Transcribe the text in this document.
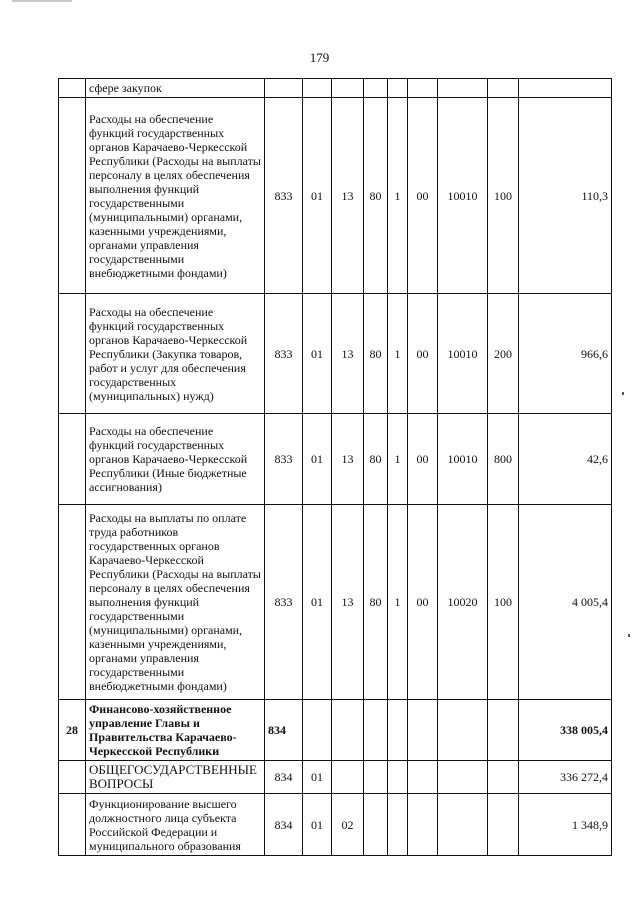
179
	сфере закупок									
	Расходы на обеспечение функций государственных органов Карачаево-Черкесской Республики (Расходы на выплаты персоналу в целях обеспечения выполнения функций государственными (муниципальными) органами, казенными учреждениями, органами управления государственными внебюджетными фондами)	833	01	13	80	1	00	10010	100	110,3
	Расходы на обеспечение функций государственных органов Карачаево-Черкесской Республики (Закупка товаров, работ и услуг для обеспечения государственных (муниципальных) нужд)	833	01	13	80	1	00	10010	200	966,6
	Расходы на обеспечение функций государственных органов Карачаево-Черкесской Республики (Иные бюджетные ассигнования)	833	01	13	80	1	00	10010	800	42,6
	Расходы на выплаты по оплате труда работников государственных органов Карачаево-Черкесской Республики (Расходы на выплаты персоналу в целях обеспечения выполнения функций государственными (муниципальными) органами, казенными учреждениями, органами управления государственными внебюджетными фондами)	833	01	13	80	1	00	10020	100	4 005,4
28	Финансово-хозяйственное управление Главы и Правительства Карачаево-Черкесской Республики	834								338 005,4
	ОБЩЕГОСУДАРСТВЕННЫЕ ВОПРОСЫ	834	01							336 272,4
	Функционирование высшего должностного лица субъекта Российской Федерации и муниципального образования	834	01	02						1 348,9
